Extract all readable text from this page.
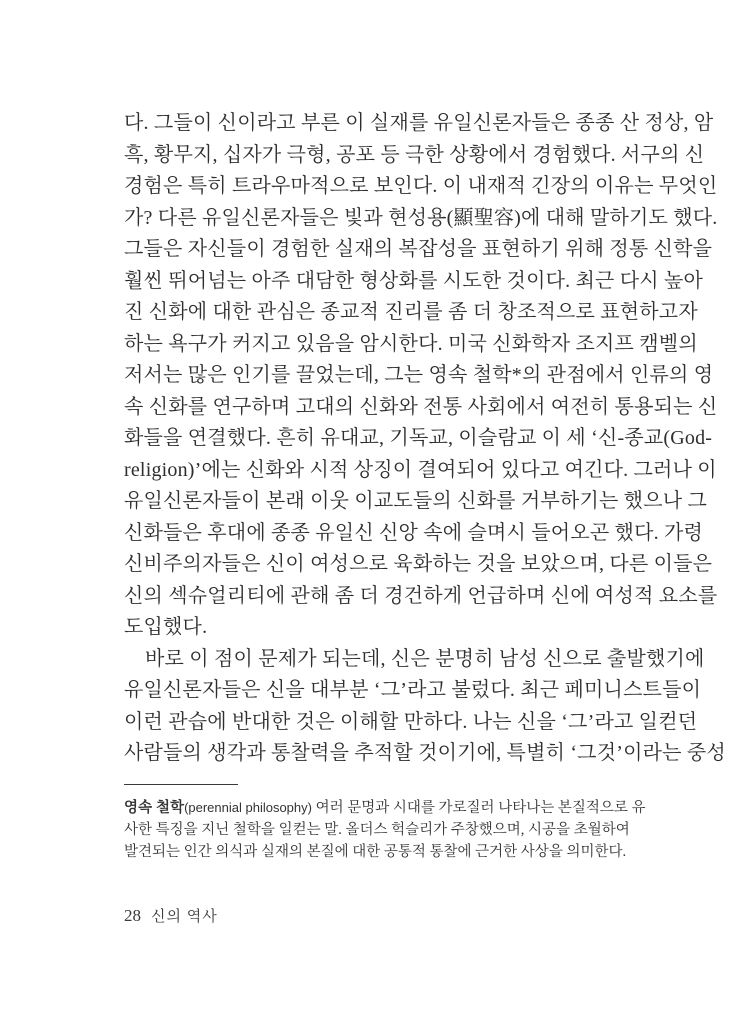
다. 그들이 신이라고 부른 이 실재를 유일신론자들은 종종 산 정상, 암
흑, 황무지, 십자가 극형, 공포 등 극한 상황에서 경험했다. 서구의 신
경험은 특히 트라우마적으로 보인다. 이 내재적 긴장의 이유는 무엇인
가? 다른 유일신론자들은 빛과 현성용(顯聖容)에 대해 말하기도 했다.
그들은 자신들이 경험한 실재의 복잡성을 표현하기 위해 정통 신학을
훨씬 뛰어넘는 아주 대담한 형상화를 시도한 것이다. 최근 다시 높아
진 신화에 대한 관심은 종교적 진리를 좀 더 창조적으로 표현하고자
하는 욕구가 커지고 있음을 암시한다. 미국 신화학자 조지프 캠벨의
저서는 많은 인기를 끌었는데, 그는 영속 철학*의 관점에서 인류의 영
속 신화를 연구하며 고대의 신화와 전통 사회에서 여전히 통용되는 신
화들을 연결했다. 흔히 유대교, 기독교, 이슬람교 이 세 ‘신-종교(God-
religion)’에는 신화와 시적 상징이 결여되어 있다고 여긴다. 그러나 이
유일신론자들이 본래 이웃 이교도들의 신화를 거부하기는 했으나 그
신화들은 후대에 종종 유일신 신앙 속에 슬며시 들어오곤 했다. 가령
신비주의자들은 신이 여성으로 육화하는 것을 보았으며, 다른 이들은
신의 섹슈얼리티에 관해 좀 더 경건하게 언급하며 신에 여성적 요소를
도입했다.
바로 이 점이 문제가 되는데, 신은 분명히 남성 신으로 출발했기에
유일신론자들은 신을 대부분 ‘그’라고 불렀다. 최근 페미니스트들이
이런 관습에 반대한 것은 이해할 만하다. 나는 신을 ‘그’라고 일컫던
사람들의 생각과 통찰력을 추적할 것이기에, 특별히 ‘그것’이라는 중성
영속 철학(perennial philosophy) 여러 문명과 시대를 가로질러 나타나는 본질적으로 유
사한 특징을 지닌 철학을 일컫는 말. 올더스 헉슬리가 주창했으며, 시공을 초월하여
발견되는 인간 의식과 실재의 본질에 대한 공통적 통찰에 근거한 사상을 의미한다.
28 신의 역사
